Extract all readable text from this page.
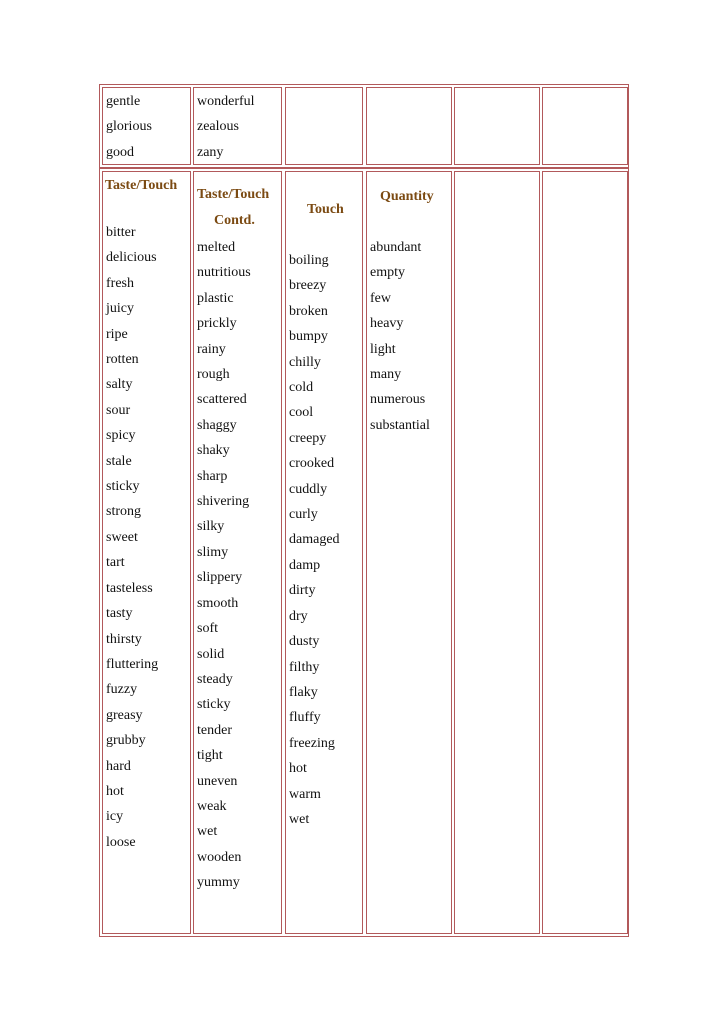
gentle
glorious
good
wonderful
zealous
zany
Taste/Touch
bitter
delicious
fresh
juicy
ripe
rotten
salty
sour
spicy
stale
sticky
strong
sweet
tart
tasteless
tasty
thirsty
fluttering
fuzzy
greasy
grubby
hard
hot
icy
loose
Taste/Touch
Contd.
melted
nutritious
plastic
prickly
rainy
rough
scattered
shaggy
shaky
sharp
shivering
silky
slimy
slippery
smooth
soft
solid
steady
sticky
tender
tight
uneven
weak
wet
wooden
yummy
Touch
boiling
breezy
broken
bumpy
chilly
cold
cool
creepy
crooked
cuddly
curly
damaged
damp
dirty
dry
dusty
filthy
flaky
fluffy
freezing
hot
warm
wet
Quantity
abundant
empty
few
heavy
light
many
numerous
substantial
